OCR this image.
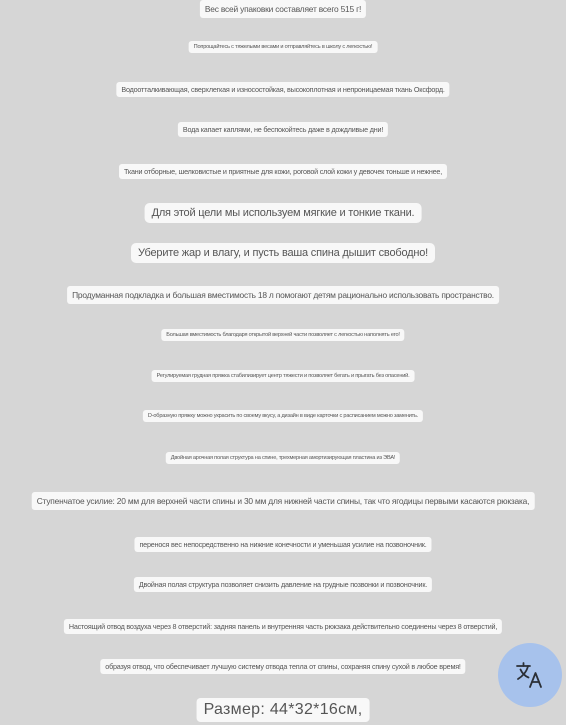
Вес всей упаковки составляет всего 515 г!
Попрощайтесь с тяжелыми весами и отправляйтесь в школу с легкостью!
Водоотталкивающая, сверхлегкая и износостойкая, высокоплотная и непроницаемая ткань Оксфорд.
Вода капает каплями, не беспокойтесь даже в дождливые дни!
Ткани отборные, шелковистые и приятные для кожи, роговой слой кожи у девочек тоньше и нежнее,
Для этой цели мы используем мягкие и тонкие ткани.
Уберите жар и влагу, и пусть ваша спина дышит свободно!
Продуманная подкладка и большая вместимость 18 л помогают детям рационально использовать пространство.
Большая вместимость благодаря открытой верхней части позволяет с легкостью наполнять его!
Регулируемая грудная пряжка стабилизирует центр тяжести и позволяет бегать и прыгать без опасений.
D-образную пряжку можно украсить по своему вкусу, а дизайн в виде карточки с расписанием можно заменить.
Двойная арочная полая структура на спине, трехмерная амортизирующая пластина из ЭВА!
Ступенчатое усилие: 20 мм для верхней части спины и 30 мм для нижней части спины, так что ягодицы первыми касаются рюкзака,
перенося вес непосредственно на нижние конечности и уменьшая усилие на позвоночник.
Двойная полая структура позволяет снизить давление на грудные позвонки и позвоночник.
Настоящий отвод воздуха через 8 отверстий: задняя панель и внутренняя часть рюкзака действительно соединены через 8 отверстий,
образуя отвод, что обеспечивает лучшую систему отвода тепла от спины, сохраняя спину сухой в любое время!
Размер: 44*32*16см,
